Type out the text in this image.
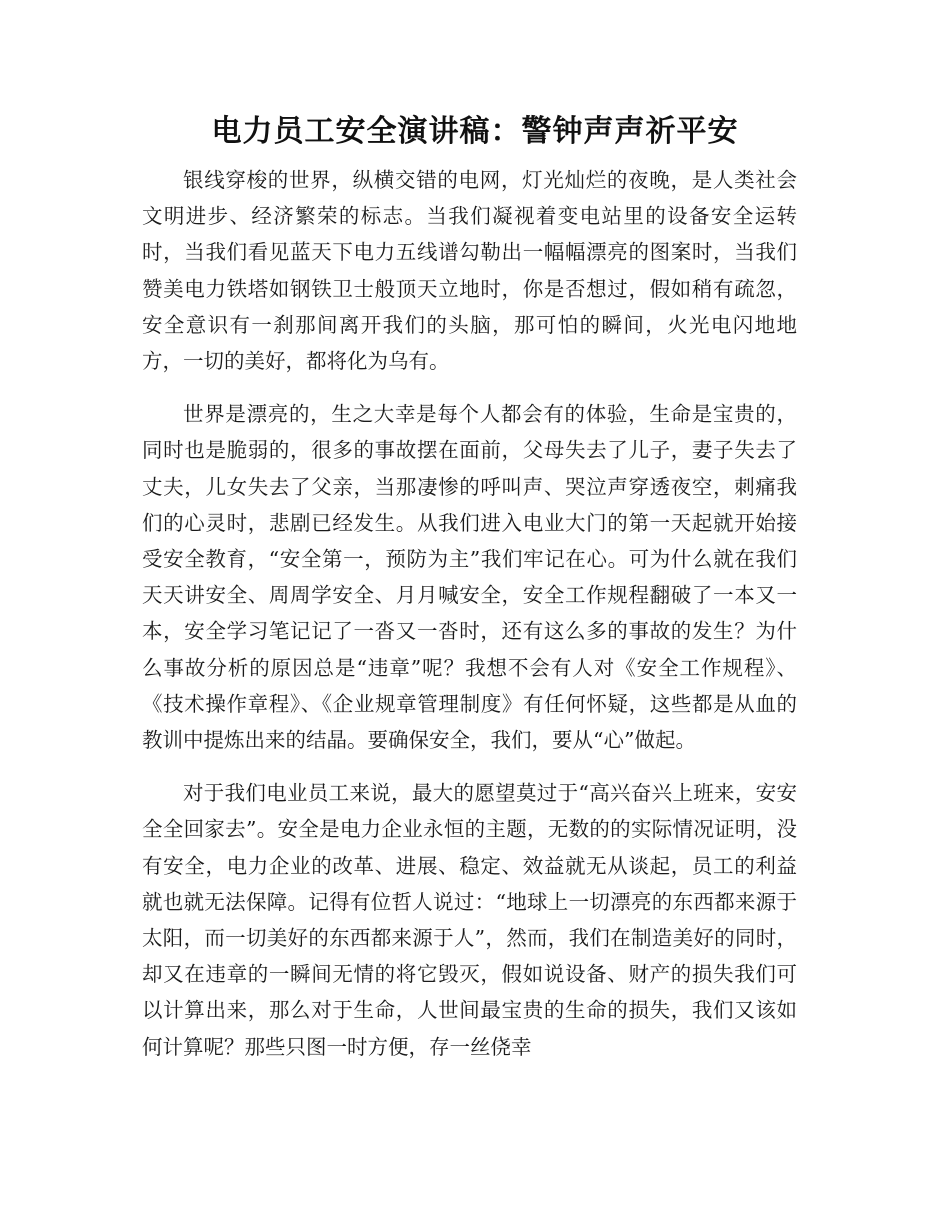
电力员工安全演讲稿：警钟声声祈平安

银线穿梭的世界，纵横交错的电网，灯光灿烂的夜晚，是人类社会文明进步、经济繁荣的标志。当我们凝视着变电站里的设备安全运转时，当我们看见蓝天下电力五线谱勾勒出一幅幅漂亮的图案时，当我们赞美电力铁塔如钢铁卫士般顶天立地时，你是否想过，假如稍有疏忽，安全意识有一刹那间离开我们的头脑，那可怕的瞬间，火光电闪地地方，一切的美好，都将化为乌有。

世界是漂亮的，生之大幸是每个人都会有的体验，生命是宝贵的，同时也是脆弱的，很多的事故摆在面前，父母失去了儿子，妻子失去了丈夫，儿女失去了父亲，当那凄惨的呼叫声、哭泣声穿透夜空，刺痛我们的心灵时，悲剧已经发生。从我们进入电业大门的第一天起就开始接受安全教育，“安全第一，预防为主”我们牢记在心。可为什么就在我们天天讲安全、周周学安全、月月喊安全，安全工作规程翻破了一本又一本，安全学习笔记记了一沓又一沓时，还有这么多的事故的发生？为什么事故分析的原因总是“违章”呢？我想不会有人对《安全工作规程》、《技术操作章程》、《企业规章管理制度》有任何怀疑，这些都是从血的教训中提炼出来的结晶。要确保安全，我们，要从“心”做起。

对于我们电业员工来说，最大的愿望莫过于“高兴奋兴上班来，安安全全回家去”。安全是电力企业永恒的主题，无数的的实际情况证明，没有安全，电力企业的改革、进展、稳定、效益就无从谈起，员工的利益就也就无法保障。记得有位哲人说过：“地球上一切漂亮的东西都来源于太阳，而一切美好的东西都来源于人”，然而，我们在制造美好的同时，却又在违章的一瞬间无情的将它毁灭，假如说设备、财产的损失我们可以计算出来，那么对于生命，人世间最宝贵的生命的损失，我们又该如何计算呢？那些只图一时方便，存一丝侥幸
